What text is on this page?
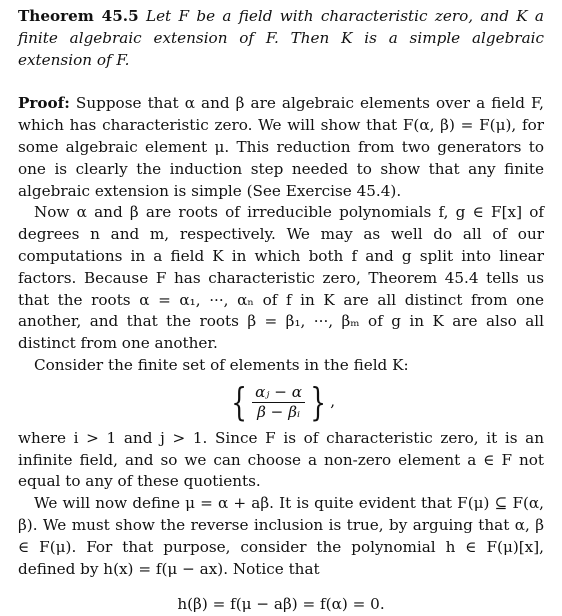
Theorem 45.5 Let F be a field with characteristic zero, and K a finite algebraic extension of F. Then K is a simple algebraic extension of F.

Proof: Suppose that α and β are algebraic elements over a field F, which has characteristic zero. We will show that F(α, β) = F(μ), for some algebraic element μ. This reduction from two generators to one is clearly the induction step needed to show that any finite algebraic extension is simple (See Exercise 45.4).

Now α and β are roots of irreducible polynomials f, g ∈ F[x] of degrees n and m, respectively. We may as well do all of our computations in a field K in which both f and g split into linear factors. Because F has characteristic zero, Theorem 45.4 tells us that the roots α = α₁, ···, αₙ of f in K are all distinct from one another, and that the roots β = β₁, ···, βₘ of g in K are also all distinct from one another.

Consider the finite set of elements in the field K:

{ $\frac{\text{αⱼ − α}}{\text{β − βᵢ}}$ } ,

where i > 1 and j > 1. Since F is of characteristic zero, it is an infinite field, and so we can choose a non-zero element a ∈ F not equal to any of these quotients.

We will now define μ = α + aβ. It is quite evident that F(μ) ⊆ F(α, β). We must show the reverse inclusion is true, by arguing that α, β ∈ F(μ). For that purpose, consider the polynomial h ∈ F(μ)[x], defined by h(x) = f(μ − ax). Notice that

h(β) = f(μ − aβ) = f(α) = 0.
